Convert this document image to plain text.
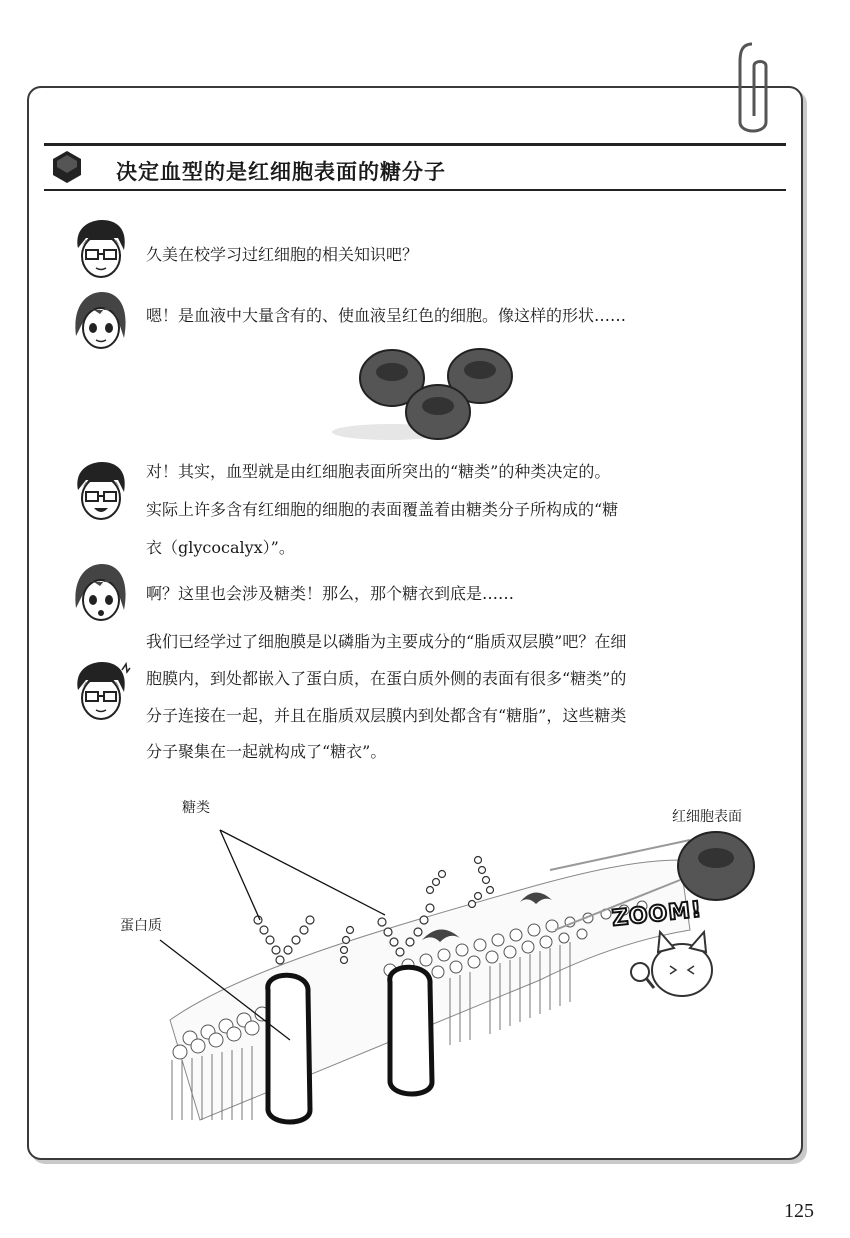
决定血型的是红细胞表面的糖分子
久美在校学习过红细胞的相关知识吧？
嗯！是血液中大量含有的、使血液呈红色的细胞。像这样的形状……
对！其实，血型就是由红细胞表面所突出的“糖类”的种类决定的。
实际上许多含有红细胞的细胞的表面覆盖着由糖类分子所构成的“糖
衣（glycocalyx）”。
啊？这里也会涉及糖类！那么，那个糖衣到底是……
我们已经学过了细胞膜是以磷脂为主要成分的“脂质双层膜”吧？在细
胞膜内，到处都嵌入了蛋白质，在蛋白质外侧的表面有很多“糖类”的
分子连接在一起，并且在脂质双层膜内到处都含有“糖脂”，这些糖类
分子聚集在一起就构成了“糖衣”。
糖类
蛋白质
红细胞表面
ZOOM!
125
